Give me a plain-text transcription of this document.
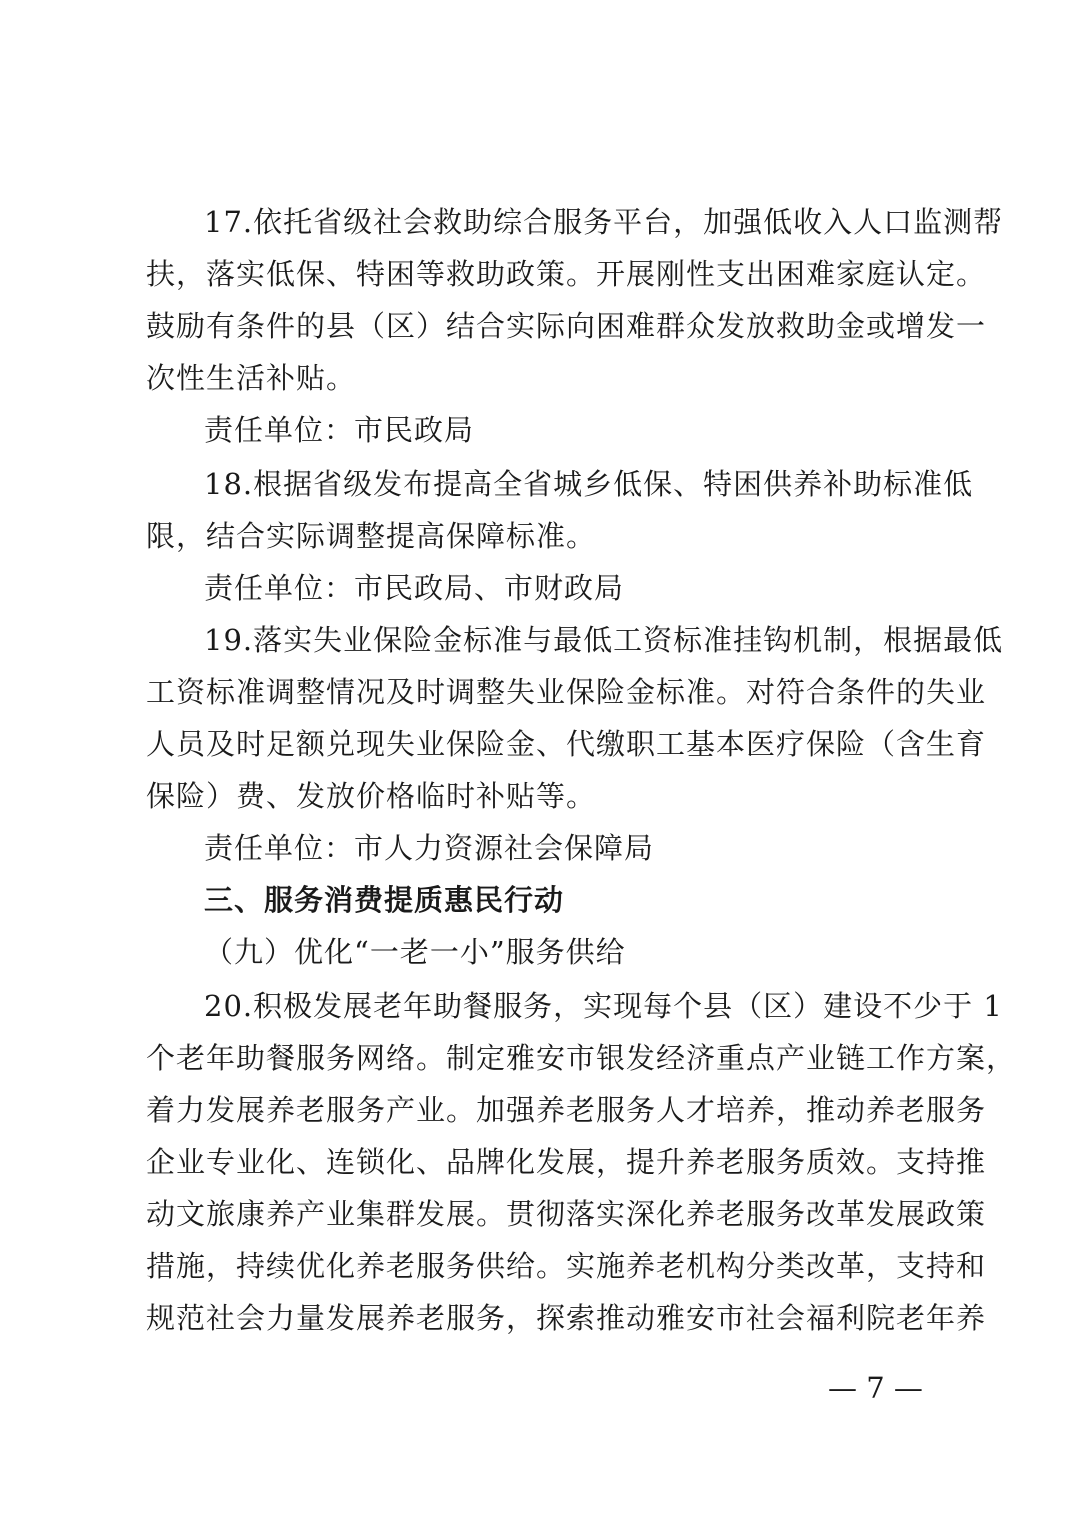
17.依托省级社会救助综合服务平台，加强低收入人口监测帮
扶，落实低保、特困等救助政策。开展刚性支出困难家庭认定。
鼓励有条件的县（区）结合实际向困难群众发放救助金或增发一
次性生活补贴。
责任单位：市民政局
18.根据省级发布提高全省城乡低保、特困供养补助标准低
限，结合实际调整提高保障标准。
责任单位：市民政局、市财政局
19.落实失业保险金标准与最低工资标准挂钩机制，根据最低
工资标准调整情况及时调整失业保险金标准。对符合条件的失业
人员及时足额兑现失业保险金、代缴职工基本医疗保险（含生育
保险）费、发放价格临时补贴等。
责任单位：市人力资源社会保障局
三、服务消费提质惠民行动
（九）优化“一老一小”服务供给
20.积极发展老年助餐服务，实现每个县（区）建设不少于 1
个老年助餐服务网络。制定雅安市银发经济重点产业链工作方案，
着力发展养老服务产业。加强养老服务人才培养，推动养老服务
企业专业化、连锁化、品牌化发展，提升养老服务质效。支持推
动文旅康养产业集群发展。贯彻落实深化养老服务改革发展政策
措施，持续优化养老服务供给。实施养老机构分类改革，支持和
规范社会力量发展养老服务，探索推动雅安市社会福利院老年养
— 7 —
